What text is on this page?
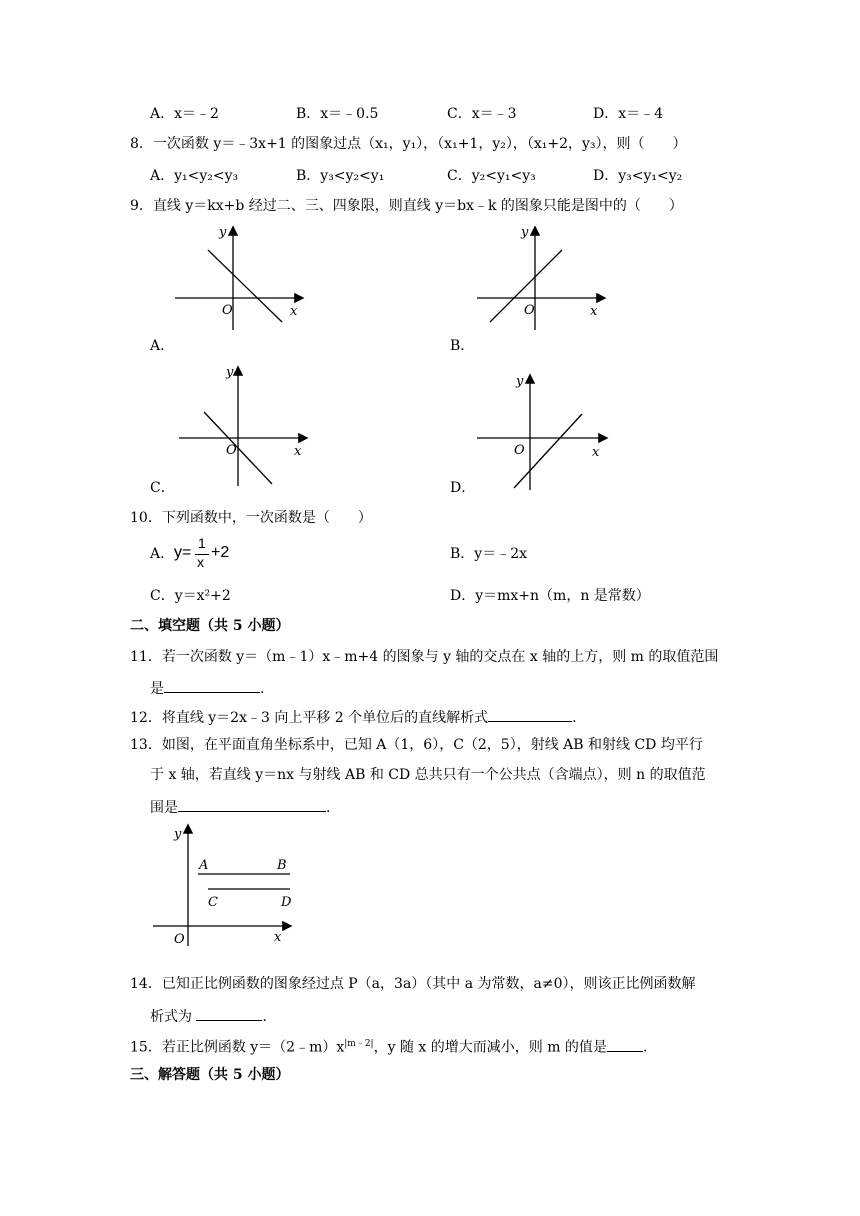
A．x＝﹣2	B．x＝﹣0.5	C．x＝﹣3	D．x＝﹣4
8．一次函数 y＝﹣3x+1 的图象过点（x₁，y₁），（x₁+1，y₂），（x₁+2，y₃），则（　　）
A．y₁<y₂<y₃	B．y₃<y₂<y₁	C．y₂<y₁<y₃	D．y₃<y₁<y₂
9．直线 y＝kx+b 经过二、三、四象限，则直线 y＝bx﹣k 的图象只能是图中的（　　）
y
O	x
A．
y
O	x
B．
y
O	x
C．
y
O	x
D．
10．下列函数中，一次函数是（　　）
A． y=
1
x
+2	B．y＝﹣2x
C．y＝x²+2	D．y＝mx+n（m，n 是常数）
二、填空题（共 5 小题）
11．若一次函数 y＝（m﹣1）x﹣m+4 的图象与 y 轴的交点在 x 轴的上方，则 m 的取值范围
是	.
12．将直线 y＝2x﹣3 向上平移 2 个单位后的直线解析式	.
13．如图，在平面直角坐标系中，已知 A（1，6），C（2，5），射线 AB 和射线 CD 均平行
于 x 轴，若直线 y＝nx 与射线 AB 和 CD 总共只有一个公共点（含端点），则 n 的取值范
围是	.
y
O	x
A	B
C	D
14．已知正比例函数的图象经过点 P（a，3a）（其中 a 为常数，a≠0），则该正比例函数解
析式为	.
15．若正比例函数 $y=(2﹣m)x^{|m﹣2|}$，y 随 x 的增大而减小，则 m 的值是	.
三、解答题（共 5 小题）
